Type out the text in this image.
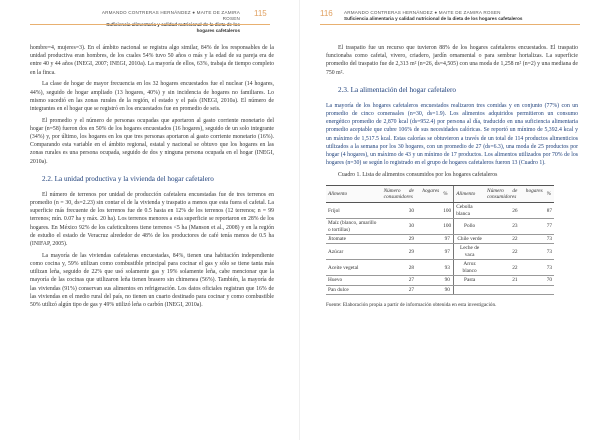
ARMANDO CONTRERAS HERNÁNDEZ ● MAITE DE ZAMIRA ROSEN
hogares cafetaleros
115

hombre=4, mujeres=3). En el ámbito nacional se registra algo similar, 84% de los responsables de la unidad productiva eran hombres, de los cuales 54% tuvo 50 años o más y la edad de su pareja era de entre 40 y 44 años (INEGI, 2007; INEGI, 2010a). La mayoría de ellos, 63%, trabaja de tiempo completo en la finca.

La clase de hogar de mayor frecuencia en los 32 hogares encuestados fue el nuclear (14 hogares, 44%), seguido de hogar ampliado (13 hogares, 40%) y sin incidencia de hogares no familiares. Lo mismo sucedió en las zonas rurales de la región, el estado y el país (INEGI, 2010a). El número de integrantes en el hogar que se registró en los encuestados fue en promedio de seis.

El promedio y el número de personas ocupadas que aportaron al gasto corriente monetario del hogar (n=58) fueron dos en 50% de los hogares encuestados (16 hogares), seguido de un solo integrante (34%) y, por último, los hogares en los que tres personas aportaron al gasto corriente monetario (16%). Comparando esta variable en el ámbito regional, estatal y nacional se obtuvo que los hogares en las zonas rurales es una persona ocupada, seguido de dos y ninguna persona ocupada en el hogar (INEGI, 2010a).

2.2. La unidad productiva y la vivienda del hogar cafetalero

El número de terrenos por unidad de producción cafetalera encuestadas fue de tres terrenos en promedio (n = 30, ds=2.23) sin contar el de la vivienda y traspatio a menos que esta fuera el cafetal. La superficie más frecuente de los terrenos fue de 0.5 hasta en 12% de los terrenos (12 terrenos; n = 99 terrenos; mín. 0.07 ha y máx. 20 ha). Los terrenos menores a esta superficie se reportaron en 28% de los hogares. En México 92% de los cafeticultores tiene terrenos <5 ha (Manson et al., 2008) y en la región de estudio el estado de Veracruz alrededor de 48% de los productores de café tenía menos de 0.5 ha (INIFAP, 2005).

La mayoría de las viviendas cafetaleras encuestadas, 84%, tienen una habitación independiente como cocina y, 59% utilizan como combustible principal para cocinar el gas y sólo se tiene tanta más utilizan leña, seguido de 22% que usó solamente gas y 19% solamente leña, cabe mencionar que la mayoría de las cocinas que utilizaron leña tienen brasero sin chimenea (56%). También, la mayoría de las viviendas (91%) conservan sus alimentos en refrigeración. Los datos oficiales registran que 16% de las viviendas en el medio rural del país, no tienen un cuarto destinado para cocinar y como combustible 50% utilizó algún tipo de gas y 49% utilizó leña o carbón (INEGI, 2010a).

116 ARMANDO CONTRERAS HERNÁNDEZ ● MAITE DE ZAMIRA ROSEN
Suficiencia alimentaria y calidad nutricional de la dieta de los hogares cafetaleros

El traspatio fue un recurso que tuvieron 88% de los hogares cafetaleros encuestados. El traspatio funcionaba como cafetal, vivero, criadero, jardín ornamental o para sembrar hortalizas. La superficie promedio del traspatio fue de 2,313 m² (n=26, ds=4,505) con una moda de 1,258 m² (n=2) y una mediana de 750 m².

2.3. La alimentación del hogar cafetalero

La mayoría de los hogares cafetaleros encuestados realizaron tres comidas y en conjunto (77%) con un promedio de cinco comensales (n=30, ds=1.9). Los alimentos adquiridos permitieron un consumo energético promedio de 2,870 kcal (ds=952.4) por persona al día, traducido en una suficiencia alimentaria promedio aceptable que cubre 106% de sus necesidades calóricas. Se reportó un mínimo de 5,392.4 kcal y un máximo de 1,517.5 kcal. Estas calorías se obtuvieron a través de un total de 114 productos alimenticios utilizados a la semana por los 30 hogares, con un promedio de 27 (ds=6.3), una moda de 25 productos por hogar (4 hogares), un máximo de 43 y un mínimo de 17 productos. Los alimentos utilizados por 70% de los hogares (n=30) se según lo registrado en el grupo de hogares cafetaleros fueron 13 (Cuadro 1).

Cuadro 1. Lista de alimentos consumidos por los hogares cafetaleros
Alimento	Número de hogares consumidores	%	Alimento	Número de hogares consumidores	%
Frijol	30	100	Cebolla blanca	26	87
Maíz (blanco, amarillo o tortillas)	30	100	Pollo	23	77
Jitomate	29	97	Chile verde	22	73
Azúcar	29	97	Leche de vaca	22	73
Aceite vegetal	28	93	Arroz blanco	22	73
Huevo	27	90	Pasta	21	70
Pan dulce	27	90			
Fuente: Elaboración propia a partir de información obtenida en esta investigación.
